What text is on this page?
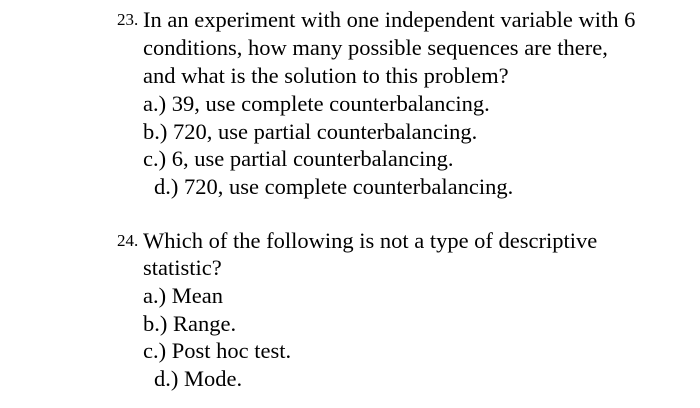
23. In an experiment with one independent variable with 6
conditions, how many possible sequences are there,
and what is the solution to this problem?
a.) 39, use complete counterbalancing.
b.) 720, use partial counterbalancing.
c.) 6, use partial counterbalancing.
d.) 720, use complete counterbalancing.
24. Which of the following is not a type of descriptive
statistic?
a.) Mean
b.) Range.
c.) Post hoc test.
d.) Mode.
